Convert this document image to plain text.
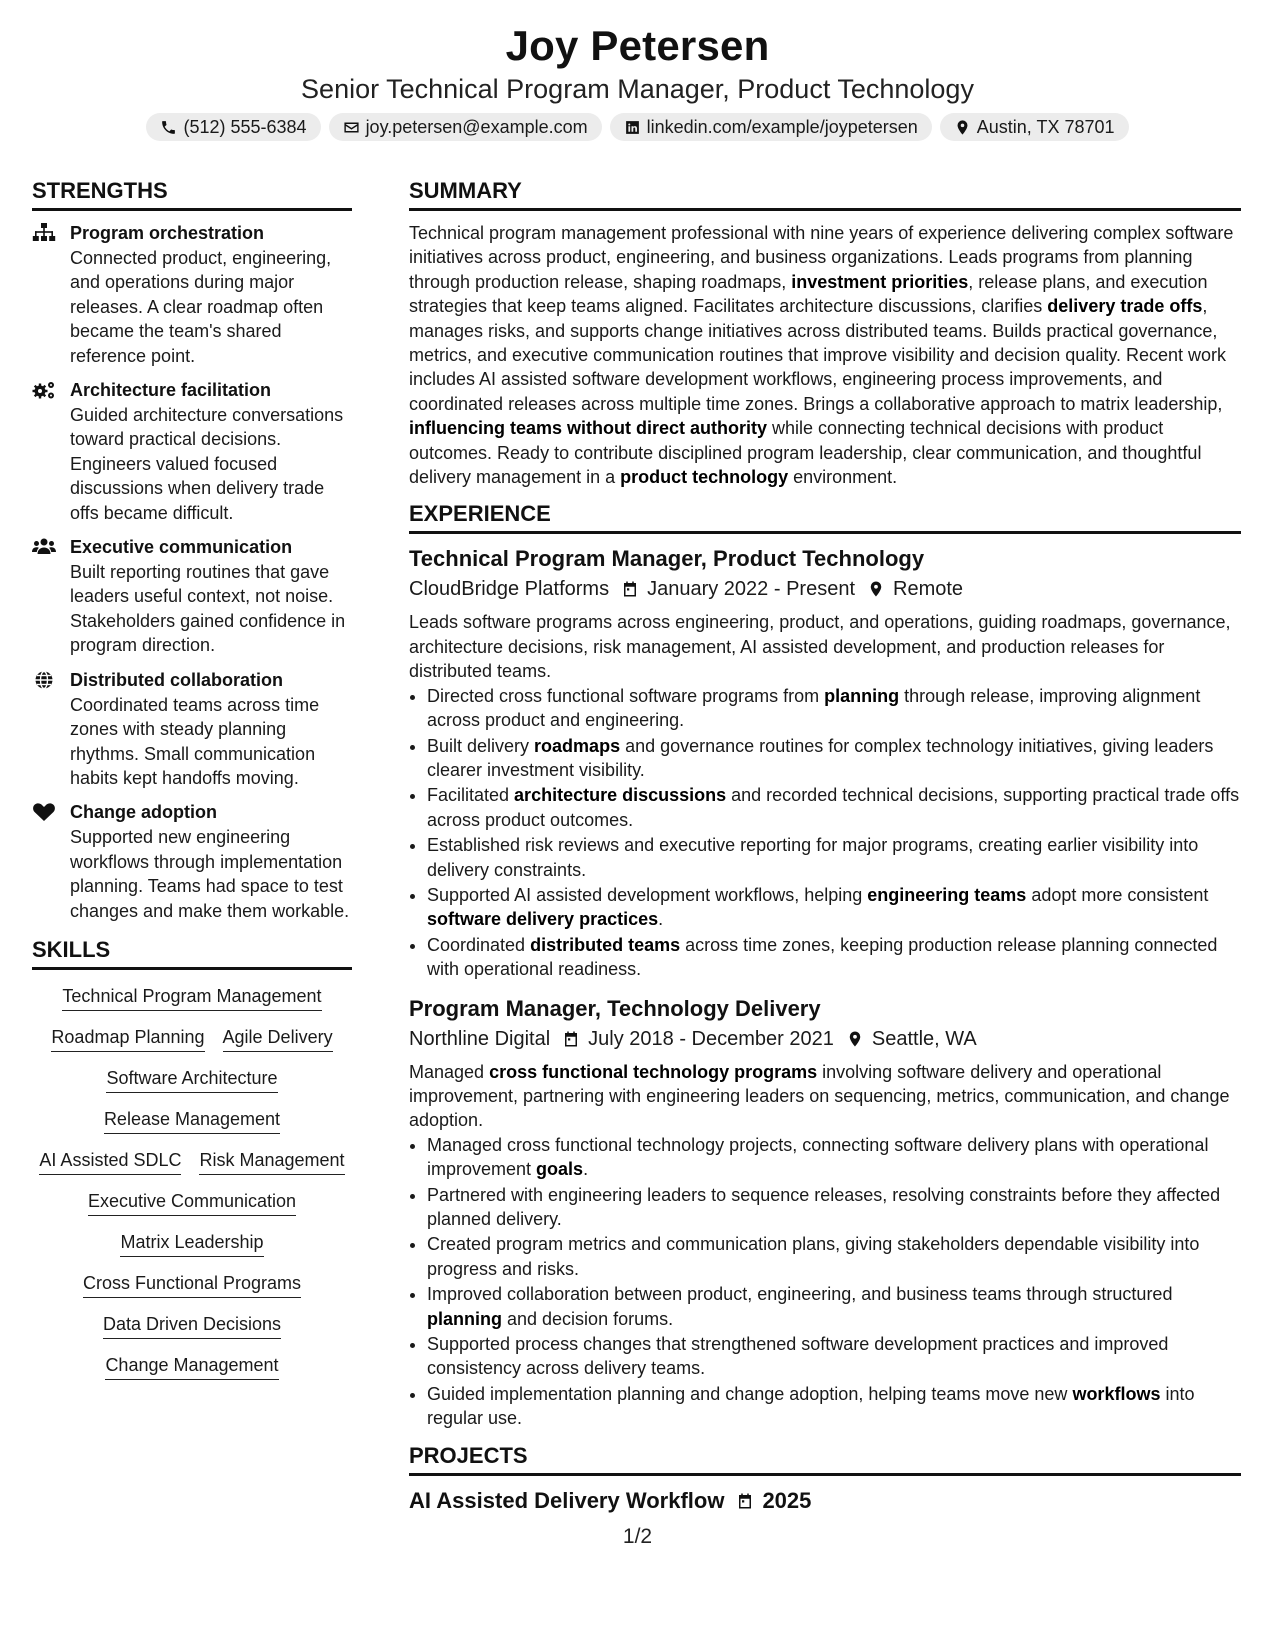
Joy Petersen
Senior Technical Program Manager, Product Technology
(512) 555-6384	joy.petersen@example.com	linkedin.com/example/joypetersen	Austin, TX 78701
STRENGTHS
Program orchestration
Connected product, engineering, and operations during major releases. A clear roadmap often became the team's shared reference point.
Architecture facilitation
Guided architecture conversations toward practical decisions. Engineers valued focused discussions when delivery trade offs became difficult.
Executive communication
Built reporting routines that gave leaders useful context, not noise. Stakeholders gained confidence in program direction.
Distributed collaboration
Coordinated teams across time zones with steady planning rhythms. Small communication habits kept handoffs moving.
Change adoption
Supported new engineering workflows through implementation planning. Teams had space to test changes and make them workable.
SKILLS
Technical Program Management
Roadmap Planning Agile Delivery
Software Architecture
Release Management
AI Assisted SDLC Risk Management
Executive Communication
Matrix Leadership
Cross Functional Programs
Data Driven Decisions
Change Management
SUMMARY
Technical program management professional with nine years of experience delivering complex software initiatives across product, engineering, and business organizations. Leads programs from planning through production release, shaping roadmaps, investment priorities, release plans, and execution strategies that keep teams aligned. Facilitates architecture discussions, clarifies delivery trade offs, manages risks, and supports change initiatives across distributed teams. Builds practical governance, metrics, and executive communication routines that improve visibility and decision quality. Recent work includes AI assisted software development workflows, engineering process improvements, and coordinated releases across multiple time zones. Brings a collaborative approach to matrix leadership, influencing teams without direct authority while connecting technical decisions with product outcomes. Ready to contribute disciplined program leadership, clear communication, and thoughtful delivery management in a product technology environment.
EXPERIENCE
Technical Program Manager, Product Technology
CloudBridge Platforms January 2022 - Present Remote
Leads software programs across engineering, product, and operations, guiding roadmaps, governance, architecture decisions, risk management, AI assisted development, and production releases for distributed teams.
• Directed cross functional software programs from planning through release, improving alignment across product and engineering.
• Built delivery roadmaps and governance routines for complex technology initiatives, giving leaders clearer investment visibility.
• Facilitated architecture discussions and recorded technical decisions, supporting practical trade offs across product outcomes.
• Established risk reviews and executive reporting for major programs, creating earlier visibility into delivery constraints.
• Supported AI assisted development workflows, helping engineering teams adopt more consistent software delivery practices.
• Coordinated distributed teams across time zones, keeping production release planning connected with operational readiness.
Program Manager, Technology Delivery
Northline Digital July 2018 - December 2021 Seattle, WA
Managed cross functional technology programs involving software delivery and operational improvement, partnering with engineering leaders on sequencing, metrics, communication, and change adoption.
• Managed cross functional technology projects, connecting software delivery plans with operational improvement goals.
• Partnered with engineering leaders to sequence releases, resolving constraints before they affected planned delivery.
• Created program metrics and communication plans, giving stakeholders dependable visibility into progress and risks.
• Improved collaboration between product, engineering, and business teams through structured planning and decision forums.
• Supported process changes that strengthened software development practices and improved consistency across delivery teams.
• Guided implementation planning and change adoption, helping teams move new workflows into regular use.
PROJECTS
AI Assisted Delivery Workflow 2025
1/2
